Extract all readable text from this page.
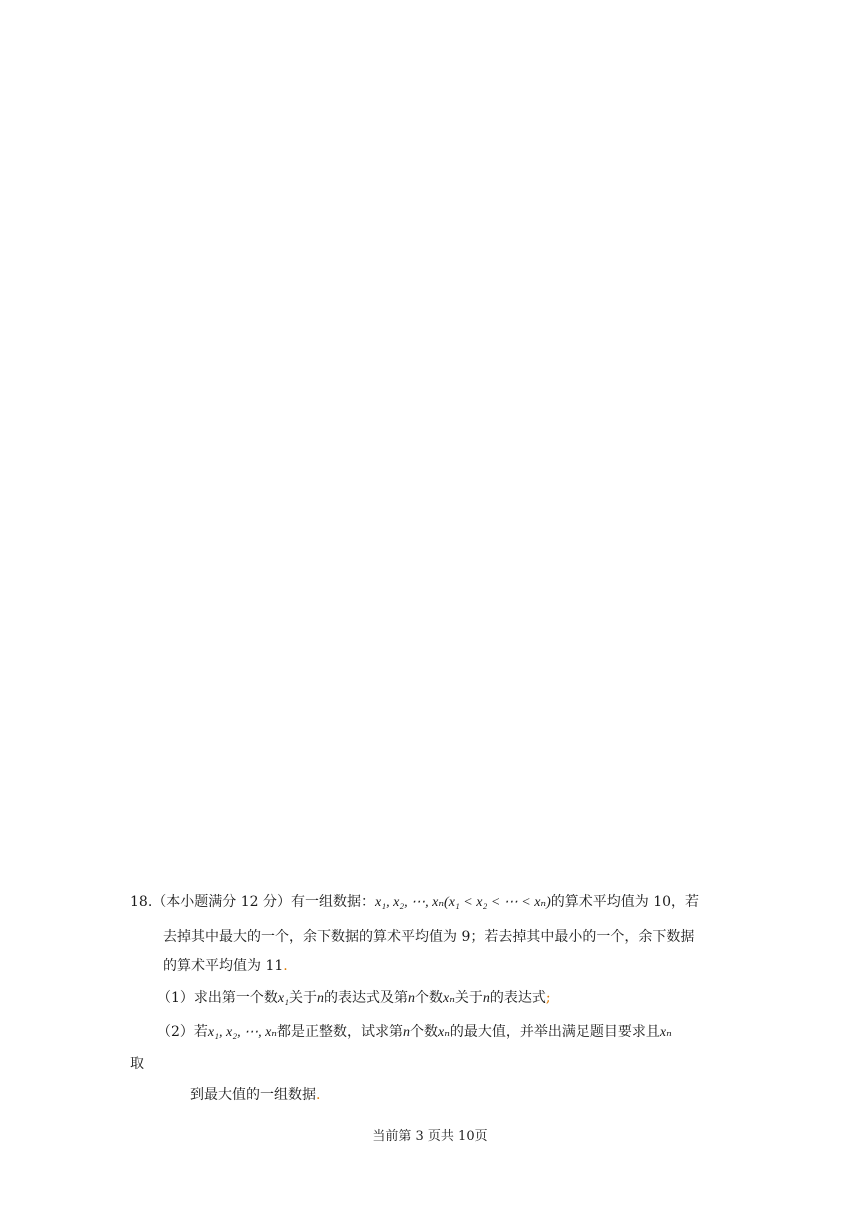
18.（本小题满分 12 分）有一组数据：x₁, x₂, ⋯, xₙ(x₁ < x₂ < ⋯ < xₙ)的算术平均值为 10，若
去掉其中最大的一个，余下数据的算术平均值为 9；若去掉其中最小的一个，余下数据
的算术平均值为 11.
（1）求出第一个数x₁关于n的表达式及第n个数xₙ关于n的表达式;
（2）若x₁, x₂, ⋯, xₙ都是正整数，试求第n个数xₙ的最大值，并举出满足题目要求且xₙ
取
到最大值的一组数据.
当前第 3 页共 10页
